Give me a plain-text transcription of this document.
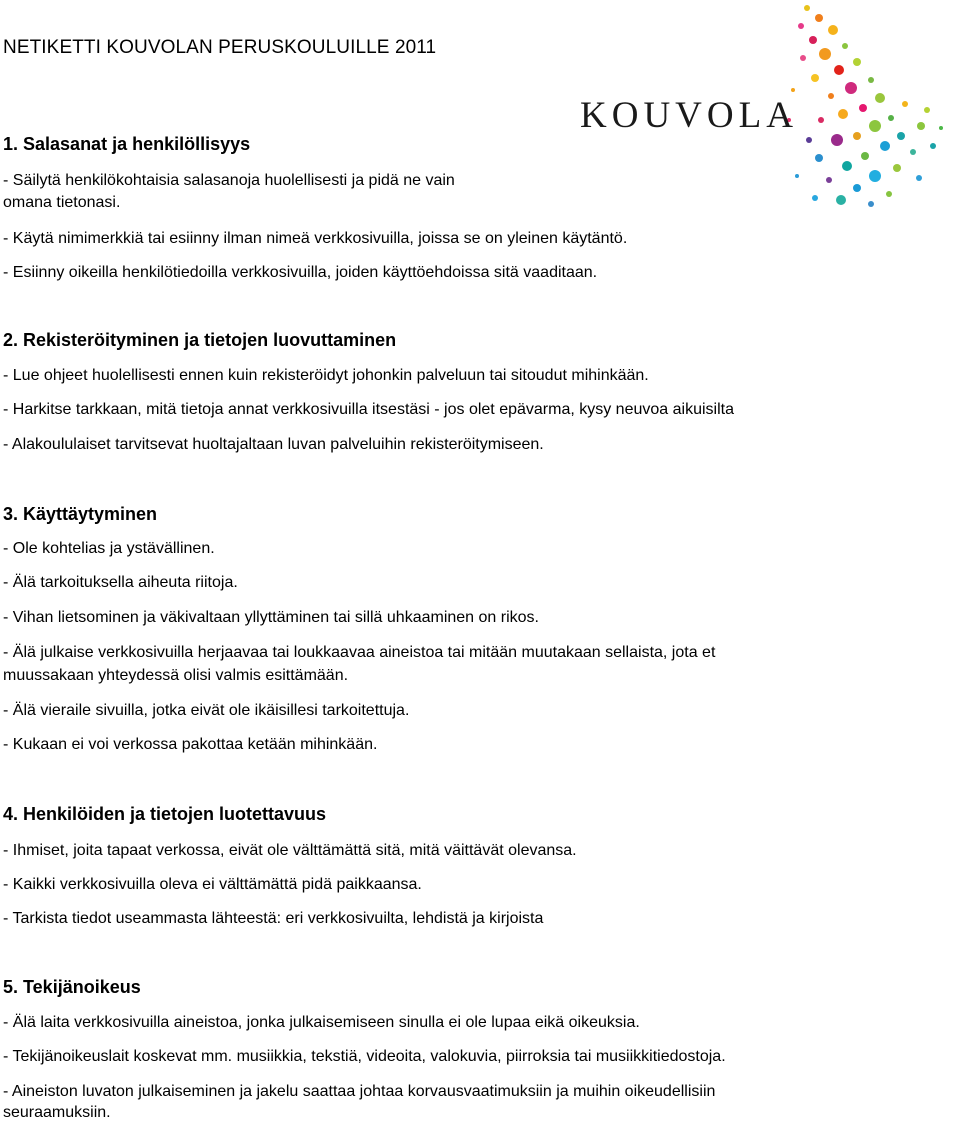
NETIKETTI KOUVOLAN PERUSKOULUILLE 2011
KOUVOLA
1. Salasanat ja henkilöllisyys
- Säilytä henkilökohtaisia salasanoja huolellisesti ja pidä ne vain
omana tietonasi.
- Käytä nimimerkkiä tai esiinny ilman nimeä verkkosivuilla, joissa se on yleinen käytäntö.
- Esiinny oikeilla henkilötiedoilla verkkosivuilla, joiden käyttöehdoissa sitä vaaditaan.
2. Rekisteröityminen ja tietojen luovuttaminen
- Lue ohjeet huolellisesti ennen kuin rekisteröidyt johonkin palveluun tai sitoudut mihinkään.
- Harkitse tarkkaan, mitä tietoja annat verkkosivuilla itsestäsi - jos olet epävarma, kysy neuvoa aikuisilta
- Alakoululaiset tarvitsevat huoltajaltaan luvan palveluihin rekisteröitymiseen.
3. Käyttäytyminen
- Ole kohtelias ja ystävällinen.
- Älä tarkoituksella aiheuta riitoja.
- Vihan lietsominen ja väkivaltaan yllyttäminen tai sillä uhkaaminen on rikos.
- Älä julkaise verkkosivuilla herjaavaa tai loukkaavaa aineistoa tai mitään muutakaan sellaista, jota et
muussakaan yhteydessä olisi valmis esittämään.
- Älä vieraile sivuilla, jotka eivät ole ikäisillesi tarkoitettuja.
- Kukaan ei voi verkossa pakottaa ketään mihinkään.
4. Henkilöiden ja tietojen luotettavuus
- Ihmiset, joita tapaat verkossa, eivät ole välttämättä sitä, mitä väittävät olevansa.
- Kaikki verkkosivuilla oleva ei välttämättä pidä paikkaansa.
- Tarkista tiedot useammasta lähteestä: eri verkkosivuilta, lehdistä ja kirjoista
5. Tekijänoikeus
- Älä laita verkkosivuilla aineistoa, jonka julkaisemiseen sinulla ei ole lupaa eikä oikeuksia.
- Tekijänoikeuslait koskevat mm. musiikkia, tekstiä, videoita, valokuvia, piirroksia tai musiikkitiedostoja.
- Aineiston luvaton julkaiseminen ja jakelu saattaa johtaa korvausvaatimuksiin ja muihin oikeudellisiin
seuraamuksiin.
